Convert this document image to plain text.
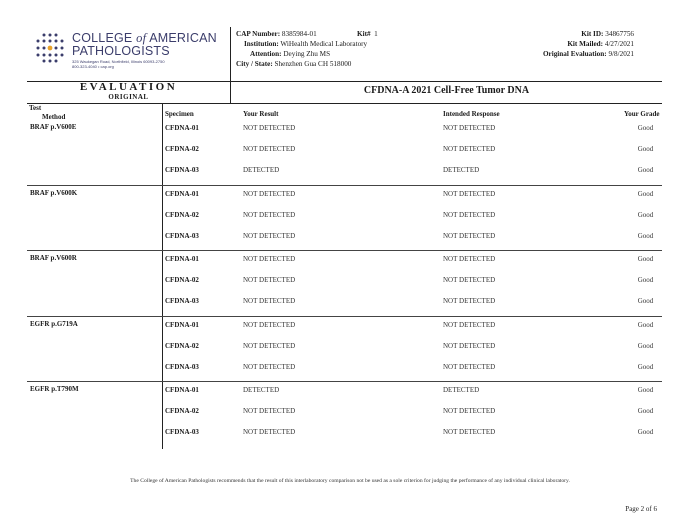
COLLEGE of AMERICAN
PATHOLOGISTS
325 Waukegan Road, Northfield, Illinois 60093-2750
800-323-4040 • cap.org
CAP Number: 8385984-01	Kit# 1
Institution: WiHealth Medical Laboratory
Attention: Deying Zhu MS
City / State: Shenzhen Gua CH 518000
Kit ID: 34867756
Kit Mailed: 4/27/2021
Original Evaluation: 9/8/2021
EVALUATION
ORIGINAL
CFDNA-A 2021 Cell-Free Tumor DNA
Test
Method	Specimen	Your Result	Intended Response	Your Grade
BRAF p.V600E	CFDNA-01	NOT DETECTED	NOT DETECTED	Good
CFDNA-02	NOT DETECTED	NOT DETECTED	Good
CFDNA-03	DETECTED	DETECTED	Good
BRAF p.V600K	CFDNA-01	NOT DETECTED	NOT DETECTED	Good
CFDNA-02	NOT DETECTED	NOT DETECTED	Good
CFDNA-03	NOT DETECTED	NOT DETECTED	Good
BRAF p.V600R	CFDNA-01	NOT DETECTED	NOT DETECTED	Good
CFDNA-02	NOT DETECTED	NOT DETECTED	Good
CFDNA-03	NOT DETECTED	NOT DETECTED	Good
EGFR p.G719A	CFDNA-01	NOT DETECTED	NOT DETECTED	Good
CFDNA-02	NOT DETECTED	NOT DETECTED	Good
CFDNA-03	NOT DETECTED	NOT DETECTED	Good
EGFR p.T790M	CFDNA-01	DETECTED	DETECTED	Good
CFDNA-02	NOT DETECTED	NOT DETECTED	Good
CFDNA-03	NOT DETECTED	NOT DETECTED	Good
The College of American Pathologists recommends that the result of this interlaboratory comparison not be used as a sole criterion for judging the performance of any individual clinical laboratory.
Page 2 of 6
